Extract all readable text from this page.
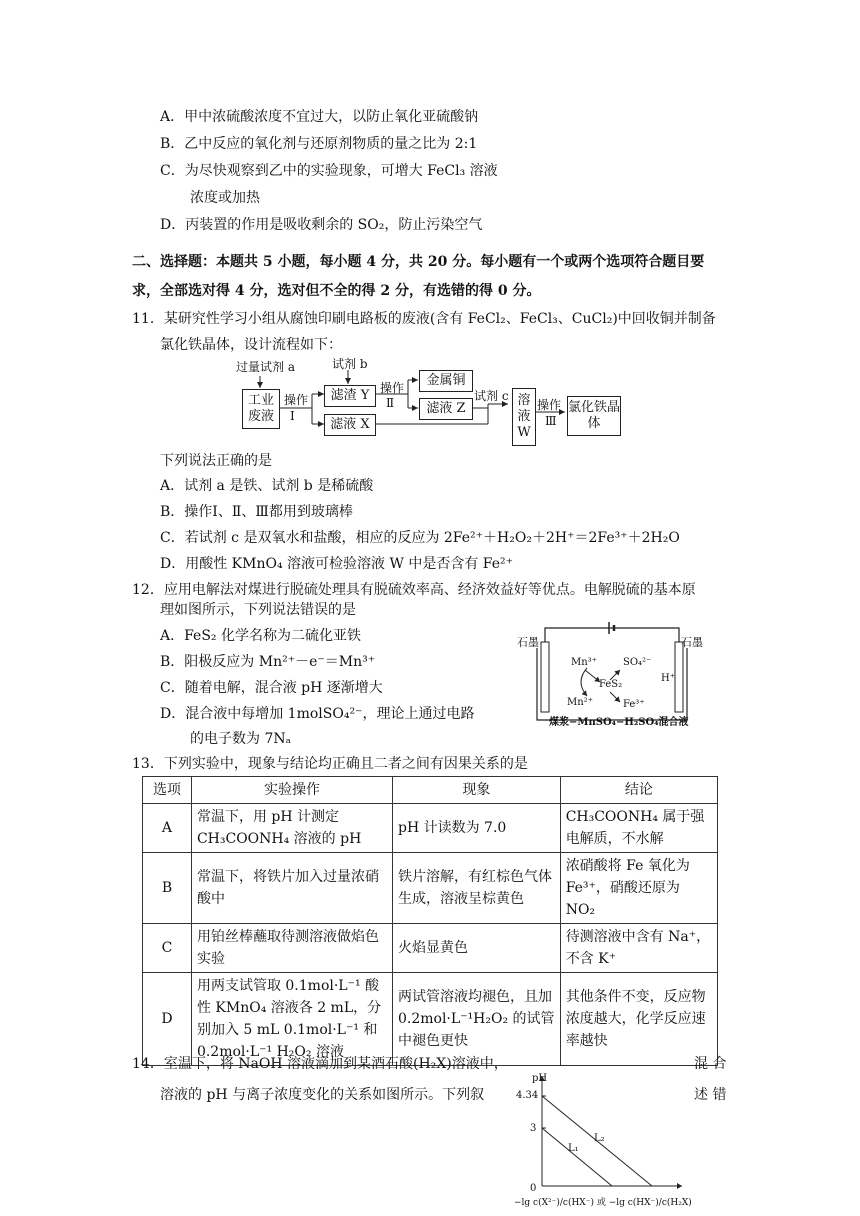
A．甲中浓硫酸浓度不宜过大，以防止氧化亚硫酸钠
B．乙中反应的氧化剂与还原剂物质的量之比为 2:1
C．为尽快观察到乙中的实验现象，可增大 FeCl₃ 溶液
浓度或加热
D．丙装置的作用是吸收剩余的 SO₂，防止污染空气
二、选择题：本题共 5 小题，每小题 4 分，共 20 分。每小题有一个或两个选项符合题目要
求，全部选对得 4 分，选对但不全的得 2 分，有选错的得 0 分。
11．某研究性学习小组从腐蚀印刷电路板的废液(含有 FeCl₂、FeCl₃、CuCl₂)中回收铜并制备
氯化铁晶体，设计流程如下：
过量试剂 a
工业废液
操作
Ⅰ
试剂 b
滤渣 Y
滤液 X
操作
Ⅱ
金属铜
滤液 Z
试剂 c 溶液W
操作
Ⅲ
氯化铁晶体
下列说法正确的是
A．试剂 a 是铁、试剂 b 是稀硫酸
B．操作Ⅰ、Ⅱ、Ⅲ都用到玻璃棒
C．若试剂 c 是双氧水和盐酸，相应的反应为 2Fe²⁺＋H₂O₂＋2H⁺＝2Fe³⁺＋2H₂O
D．用酸性 KMnO₄ 溶液可检验溶液 W 中是否含有 Fe²⁺
12．应用电解法对煤进行脱硫处理具有脱硫效率高、经济效益好等优点。电解脱硫的基本原
理如图所示，下列说法错误的是
A．FeS₂ 化学名称为二硫化亚铁
B．阳极反应为 Mn²⁺－e⁻＝Mn³⁺
C．随着电解，混合液 pH 逐渐增大
D．混合液中每增加 1molSO₄²⁻，理论上通过电路
的电子数为 7Nₐ
石墨	石墨
Mn³⁺	SO₄²⁻
H⁺
FeS₂
Mn²⁺	Fe³⁺
煤浆−MnSO₄−H₂SO₄混合液
13．下列实验中，现象与结论均正确且二者之间有因果关系的是
选项	实验操作	现象	结论
A	常温下，用 pH 计测定 CH₃COONH₄ 溶液的 pH	pH 计读数为 7.0	CH₃COONH₄ 属于强电解质，不水解
B	常温下，将铁片加入过量浓硝酸中	铁片溶解，有红棕色气体生成，溶液呈棕黄色	浓硝酸将 Fe 氧化为 Fe³⁺，硝酸还原为 NO₂
C	用铂丝棒蘸取待测溶液做焰色实验	火焰显黄色	待测溶液中含有 Na⁺，不含 K⁺
D	用两支试管取 0.1mol·L⁻¹ 酸性 KMnO₄ 溶液各 2 mL，分别加入 5 mL 0.1mol·L⁻¹ 和 0.2mol·L⁻¹ H₂O₂ 溶液	两试管溶液均褪色，且加 0.2mol·L⁻¹H₂O₂ 的试管中褪色更快	其他条件不变，反应物浓度越大，化学反应速率越快
14．室温下，将 NaOH 溶液滴加到某酒石酸(H₂X)溶液中，	混 合
溶液的 pH 与离子浓度变化的关系如图所示。下列叙	述 错
pH
4.34
3
0
L₁
L₂
−lg c(X²⁻)/c(HX⁻) 或 −lg c(HX⁻)/c(H₂X)
